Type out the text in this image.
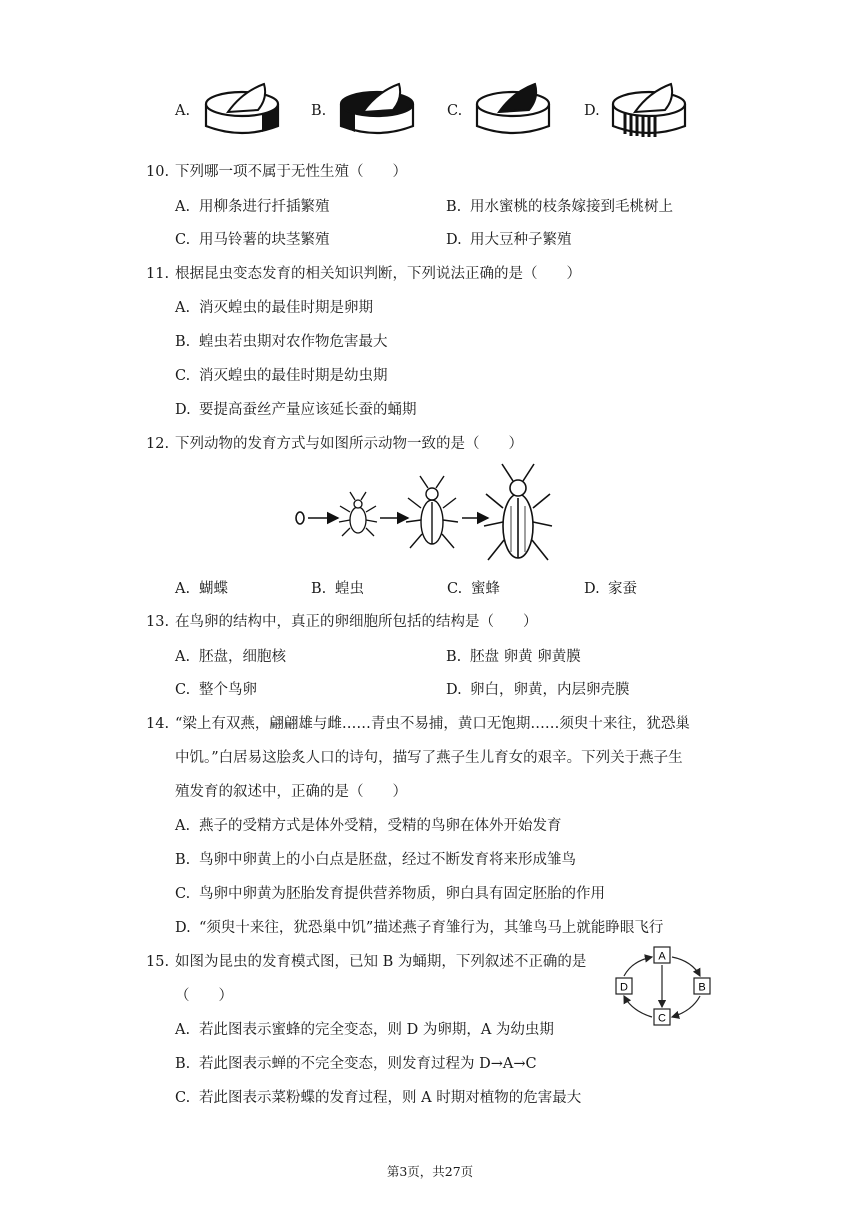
A.	B.	C.	D.
10. 下列哪一项不属于无性生殖（　　）
A. 用柳条进行扦插繁殖	B. 用水蜜桃的枝条嫁接到毛桃树上
C. 用马铃薯的块茎繁殖	D. 用大豆种子繁殖
11. 根据昆虫变态发育的相关知识判断，下列说法正确的是（　　）
A. 消灭蝗虫的最佳时期是卵期
B. 蝗虫若虫期对农作物危害最大
C. 消灭蝗虫的最佳时期是幼虫期
D. 要提高蚕丝产量应该延长蚕的蛹期
12. 下列动物的发育方式与如图所示动物一致的是（　　）
A. 蝴蝶	B. 蝗虫	C. 蜜蜂	D. 家蚕
13. 在鸟卵的结构中，真正的卵细胞所包括的结构是（　　）
A. 胚盘，细胞核	B. 胚盘 卵黄 卵黄膜
C. 整个鸟卵	D. 卵白，卵黄，内层卵壳膜
14. “梁上有双燕，翩翩雄与雌……青虫不易捕，黄口无饱期……须臾十来往，犹恐巢
中饥。”白居易这脍炙人口的诗句，描写了燕子生儿育女的艰辛。下列关于燕子生
殖发育的叙述中，正确的是（　　）
A. 燕子的受精方式是体外受精，受精的鸟卵在体外开始发育
B. 鸟卵中卵黄上的小白点是胚盘，经过不断发育将来形成雏鸟
C. 鸟卵中卵黄为胚胎发育提供营养物质，卵白具有固定胚胎的作用
D. “须臾十来往，犹恐巢中饥”描述燕子育雏行为，其雏鸟马上就能睁眼飞行
15. 如图为昆虫的发育模式图，已知 B 为蛹期，下列叙述不正确的是
（　　）
A
B
C
D
A. 若此图表示蜜蜂的完全变态，则 D 为卵期，A 为幼虫期
B. 若此图表示蝉的不完全变态，则发育过程为 D→A→C
C. 若此图表示菜粉蝶的发育过程，则 A 时期对植物的危害最大
第3页，共27页
